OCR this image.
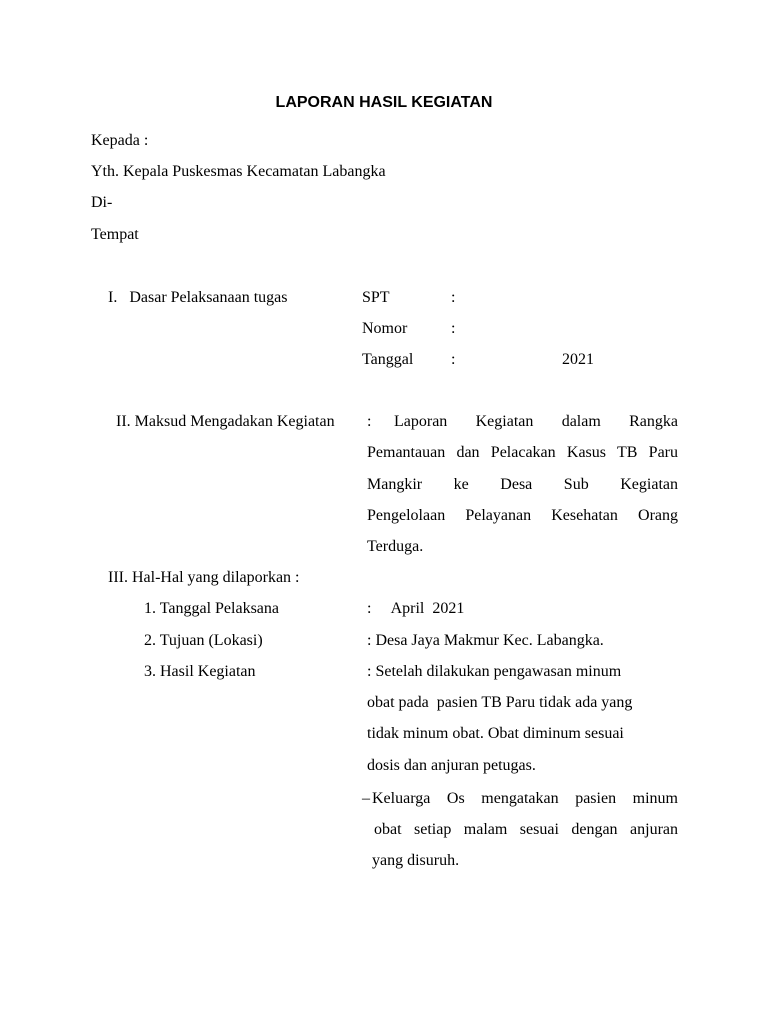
LAPORAN HASIL KEGIATAN
Kepada :
Yth. Kepala Puskesmas Kecamatan Labangka
Di-
Tempat
I.   Dasar Pelaksanaan tugas	SPT	:
Nomor	:
Tanggal :	2021
II. Maksud Mengadakan Kegiatan : Laporan Kegiatan dalam Rangka
Pemantauan dan Pelacakan Kasus TB Paru
Mangkir ke Desa Sub Kegiatan
Pengelolaan Pelayanan Kesehatan Orang
Terduga.
III. Hal-Hal yang dilaporkan :
1. Tanggal Pelaksana	:     April  2021
2. Tujuan (Lokasi)	: Desa Jaya Makmur Kec. Labangka.
3. Hasil Kegiatan	: Setelah dilakukan pengawasan minum
obat pada  pasien TB Paru tidak ada yang
tidak minum obat. Obat diminum sesuai
dosis dan anjuran petugas.
– Keluarga Os mengatakan pasien minum
obat setiap malam sesuai dengan anjuran
yang disuruh.
